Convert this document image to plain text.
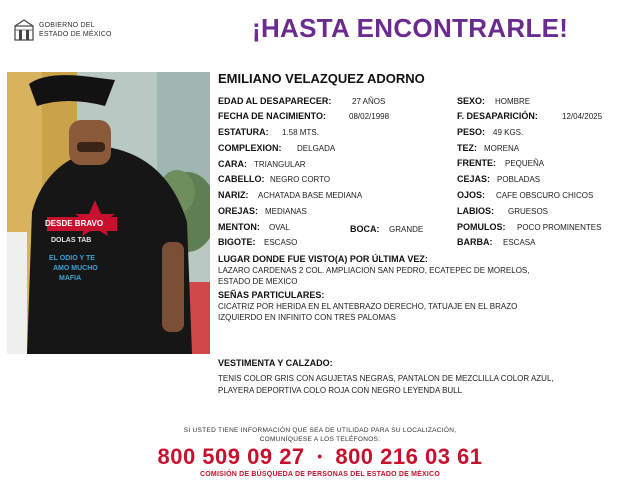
GOBIERNO DEL
ESTADO DE MÉXICO	¡HASTA ENCONTRARLE!
DESDE BRAVO
DOLAS TAB
EL ODIO Y TE
AMO MUCHO
MAFIA
EMILIANO VELAZQUEZ ADORNO
EDAD AL DESAPARECER:	27 AÑOS
FECHA DE NACIMIENTO:	08/02/1998
ESTATURA: 1.58 MTS.
COMPLEXION: DELGADA
CARA: TRIANGULAR
CABELLO: NEGRO CORTO
NARIZ: ACHATADA BASE MEDIANA
OREJAS: MEDIANAS
MENTON: OVAL	BOCA: GRANDE
BIGOTE: ESCASO
SEXO: HOMBRE
F. DESAPARICIÓN:	12/04/2025
PESO: 49 KGS.
TEZ: MORENA
FRENTE: PEQUEÑA
CEJAS: POBLADAS
OJOS: CAFE OBSCURO CHICOS
LABIOS: GRUESOS
POMULOS: POCO PROMINENTES
BARBA: ESCASA
LUGAR DONDE FUE VISTO(A) POR ÚLTIMA VEZ:
LAZARO CARDENAS 2 COL. AMPLIACION SAN PEDRO, ECATEPEC DE MORELOS,
ESTADO DE MEXICO
SEÑAS PARTICULARES:
CICATRIZ POR HERIDA EN EL ANTEBRAZO DERECHO, TATUAJE EN EL BRAZO
IZQUIERDO EN INFINITO CON TRES PALOMAS
VESTIMENTA Y CALZADO:
TENIS COLOR GRIS CON AGUJETAS NEGRAS, PANTALON DE MEZCLILLA COLOR AZUL,
PLAYERA DEPORTIVA COLO ROJA CON NEGRO LEYENDA BULL
SI USTED TIENE INFORMACIÓN QUE SEA DE UTILIDAD PARA SU LOCALIZACIÓN,
COMUNÍQUESE A LOS TELÉFONOS:
800 509 09 27 • 800 216 03 61
COMISIÓN DE BÚSQUEDA DE PERSONAS DEL ESTADO DE MÉXICO
